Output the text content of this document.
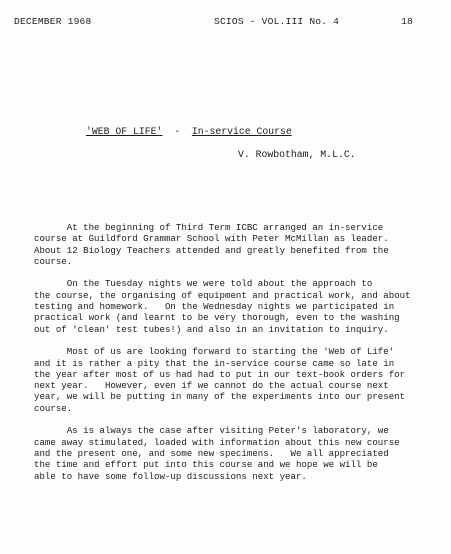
DECEMBER 1968	SCIOS - VOL.III No. 4	18
'WEB OF LIFE' - In-service Course
V. Rowbotham, M.L.C.
At the beginning of Third Term ICBC arranged an in-service
course at Guildford Grammar School with Peter McMillan as leader.
About 12 Biology Teachers attended and greatly benefited from the
course.
On the Tuesday nights we were told about the approach to
the course, the organising of equipment and practical work, and about
testing and homework.   On the Wednesday nights we participated in
practical work (and learnt to be very thorough, even to the washing
out of 'clean' test tubes!) and also in an invitation to inquiry.
Most of us are looking forward to starting the 'Web of Life'
and it is rather a pity that the in-service course came so late in
the year after most of us had had to put in our text-book orders for
next year.   However, even if we cannot do the actual course next
year, we will be putting in many of the experiments into our present
course.
As is always the case after visiting Peter's laboratory, we
came away stimulated, loaded with information about this new course
and the present one, and some new specimens.   We all appreciated
the time and effort put into this course and we hope we will be
able to have some follow-up discussions next year.
